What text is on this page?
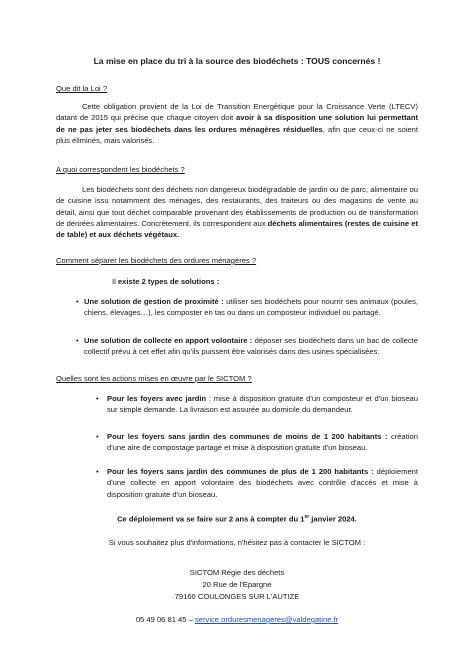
La mise en place du tri à la source des biodéchets : TOUS concernés !
Que dit la Loi ?

Cette obligation provient de la Loi de Transition Energétique pour la Croissance Verte (LTECV) datant de 2015 qui précise que chaque citoyen doit avoir à sa disposition une solution lui permettant de ne pas jeter ses biodéchets dans les ordures ménagères résiduelles, afin que ceux-ci ne soient plus éliminés, mais valorisés.

A quoi correspondent les biodéchets ?

Les biodéchets sont des déchets non dangereux biodégradable de jardin ou de parc, alimentaire ou de cuisine issu notamment des ménages, des restaurants, des traiteurs ou des magasins de vente au détail, ainsi que tout déchet comparable provenant des établissements de production ou de transformation de denrées alimentaires. Concrètement, ils correspondent aux déchets alimentaires (restes de cuisine et de table) et aux déchets végétaux.

Comment séparer les biodéchets des ordures ménagères ?
Il existe 2 types de solutions :
• Une solution de gestion de proximité : utiliser ses biodéchets pour nourrir ses animaux (poules, chiens, élevages…), les composter en tas ou dans un composteur individuel ou partagé.

• Une solution de collecte en apport volontaire : déposer ses biodéchets dans un bac de collecte collectif prévu à cet effet afin qu'ils puissent être valorisés dans des usines spécialisées.

Quelles sont les actions mises en œuvre par le SICTOM ?
• Pour les foyers avec jardin : mise à disposition gratuite d'un composteur et d'un bioseau sur simple demande. La livraison est assurée au domicile du demandeur.

• Pour les foyers sans jardin des communes de moins de 1 200 habitants : création d'une aire de compostage partagé et mise à disposition gratuite d'un bioseau.

• Pour les foyers sans jardin des communes de plus de 1 200 habitants : déploiement d'une collecte en apport volontaire des biodéchets avec contrôle d'accès et mise à disposition gratuite d'un bioseau.

Ce déploiement va se faire sur 2 ans à compter du 1er janvier 2024.
Si vous souhaitez plus d'informations, n'hésitez pas à contacter le SICTOM :
SICTOM Régie des déchets
20 Rue de l'Epargne
79160 COULONGES SUR L'AUTIZE
05 49 06 81 45 – service.orduresmenageres@valdegatine.fr
